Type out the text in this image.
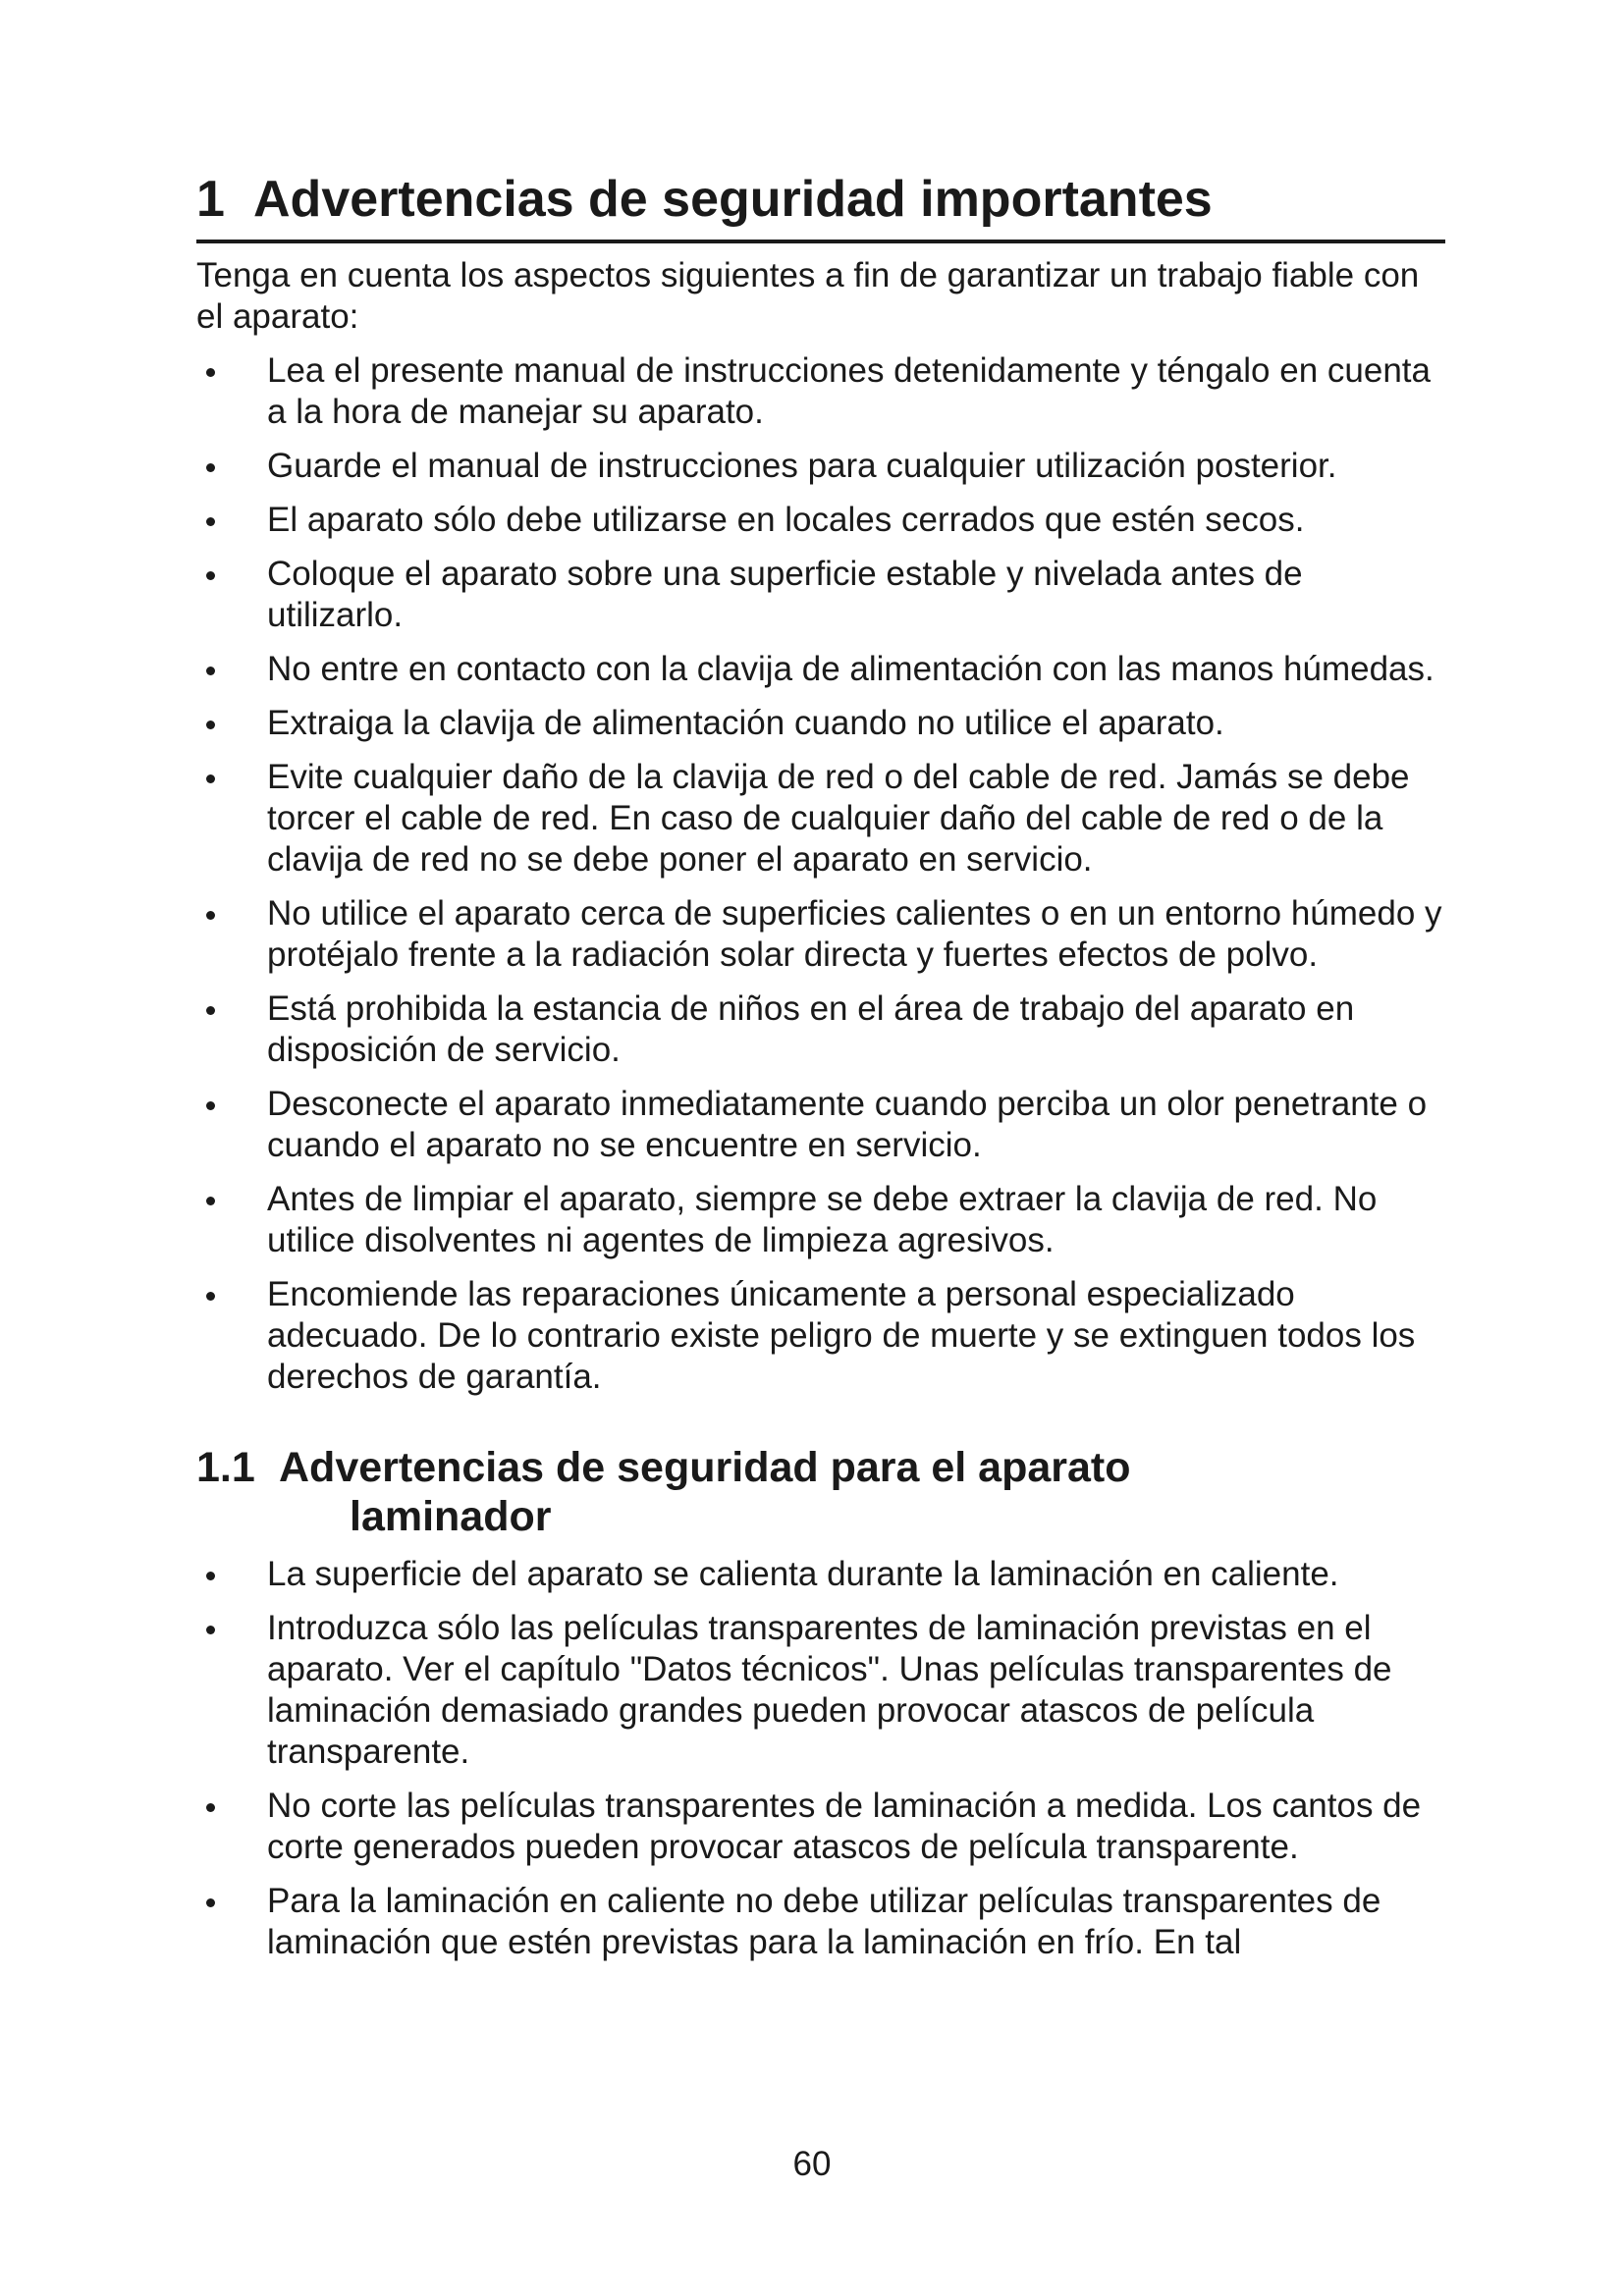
1 Advertencias de seguridad importantes

Tenga en cuenta los aspectos siguientes a fin de garantizar un trabajo fiable con el aparato:

Lea el presente manual de instrucciones detenidamente y téngalo en cuenta a la hora de manejar su aparato.
Guarde el manual de instrucciones para cualquier utilización posterior.
El aparato sólo debe utilizarse en locales cerrados que estén secos.
Coloque el aparato sobre una superficie estable y nivelada antes de utilizarlo.
No entre en contacto con la clavija de alimentación con las manos húmedas.
Extraiga la clavija de alimentación cuando no utilice el aparato.
Evite cualquier daño de la clavija de red o del cable de red. Jamás se debe torcer el cable de red. En caso de cualquier daño del cable de red o de la clavija de red no se debe poner el aparato en servicio.
No utilice el aparato cerca de superficies calientes o en un entorno húmedo y protéjalo frente a la radiación solar directa y fuertes efectos de polvo.
Está prohibida la estancia de niños en el área de trabajo del aparato en disposición de servicio.
Desconecte el aparato inmediatamente cuando perciba un olor penetrante o cuando el aparato no se encuentre en servicio.
Antes de limpiar el aparato, siempre se debe extraer la clavija de red. No utilice disolventes ni agentes de limpieza agresivos.
Encomiende las reparaciones únicamente a personal especializado adecuado. De lo contrario existe peligro de muerte y se extinguen todos los derechos de garantía.
1.1 Advertencias de seguridad para el aparato
laminador
La superficie del aparato se calienta durante la laminación en caliente.
Introduzca sólo las películas transparentes de laminación previstas en el aparato. Ver el capítulo "Datos técnicos". Unas películas transparentes de laminación demasiado grandes pueden provocar atascos de película transparente.
No corte las películas transparentes de laminación a medida. Los cantos de corte generados pueden provocar atascos de película transparente.
Para la laminación en caliente no debe utilizar películas transparentes de laminación que estén previstas para la laminación en frío. En tal
60
